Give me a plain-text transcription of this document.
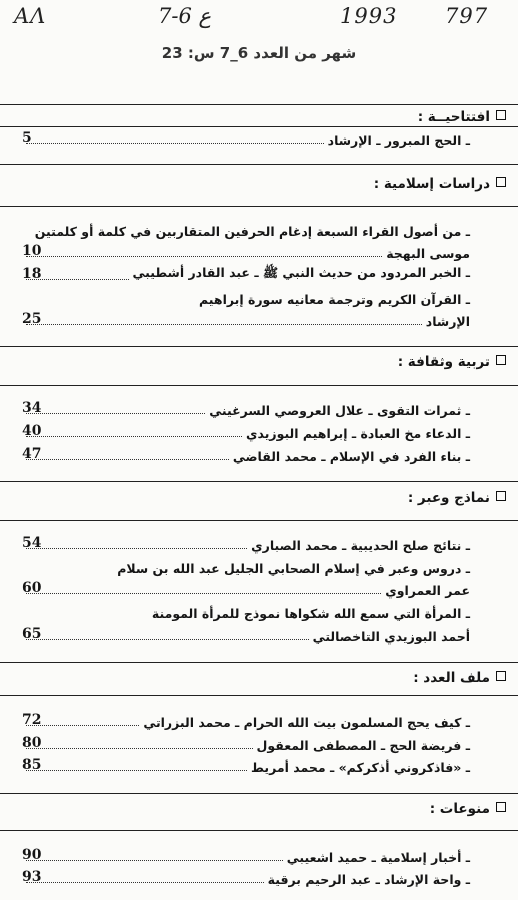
AΛ	7-6 ع	1993 797
شهر من العدد 6_7 س: 23
افتتاحيــة :
ـ الحج المبرور ـ الإرشاد
5
دراسات إسلامية :
ـ من أصول القراء السبعة إدغام الحرفين المتقاربين في كلمة أو كلمتين
موسى البهجة
10
ـ الخبر المردود من حديث النبي ﷺ ـ عبد القادر أشطيبي
18
ـ القرآن الكريم وترجمة معانيه سورة إبراهيم
الإرشاد
25
تربية وثقافة :
ـ ثمرات التقوى ـ علال العروصي السرغيني
34
ـ الدعاء مخ العبادة ـ إبراهيم البوزيدي
40
ـ بناء الفرد في الإسلام ـ محمد القاضي
47
نماذج وعبر :
ـ نتائج صلح الحديبية ـ محمد الصباري
54
ـ دروس وعبر في إسلام الصحابي الجليل عبد الله بن سلام
عمر العمراوي
60
ـ المرأة التي سمع الله شكواها نموذج للمرأة المومنة
أحمد البوزيدي التاخصالتي
65
ملف العدد :
ـ كيف يحج المسلمون بيت الله الحرام ـ محمد البزراتي
72
ـ فريضة الحج ـ المصطفى المعقول
80
ـ «فاذكروني أذكركم» ـ محمد أمريط
85
منوعات :
ـ أخبار إسلامية ـ حميد اشعيبي
90
ـ واحة الإرشاد ـ عبد الرحيم برقية
93
